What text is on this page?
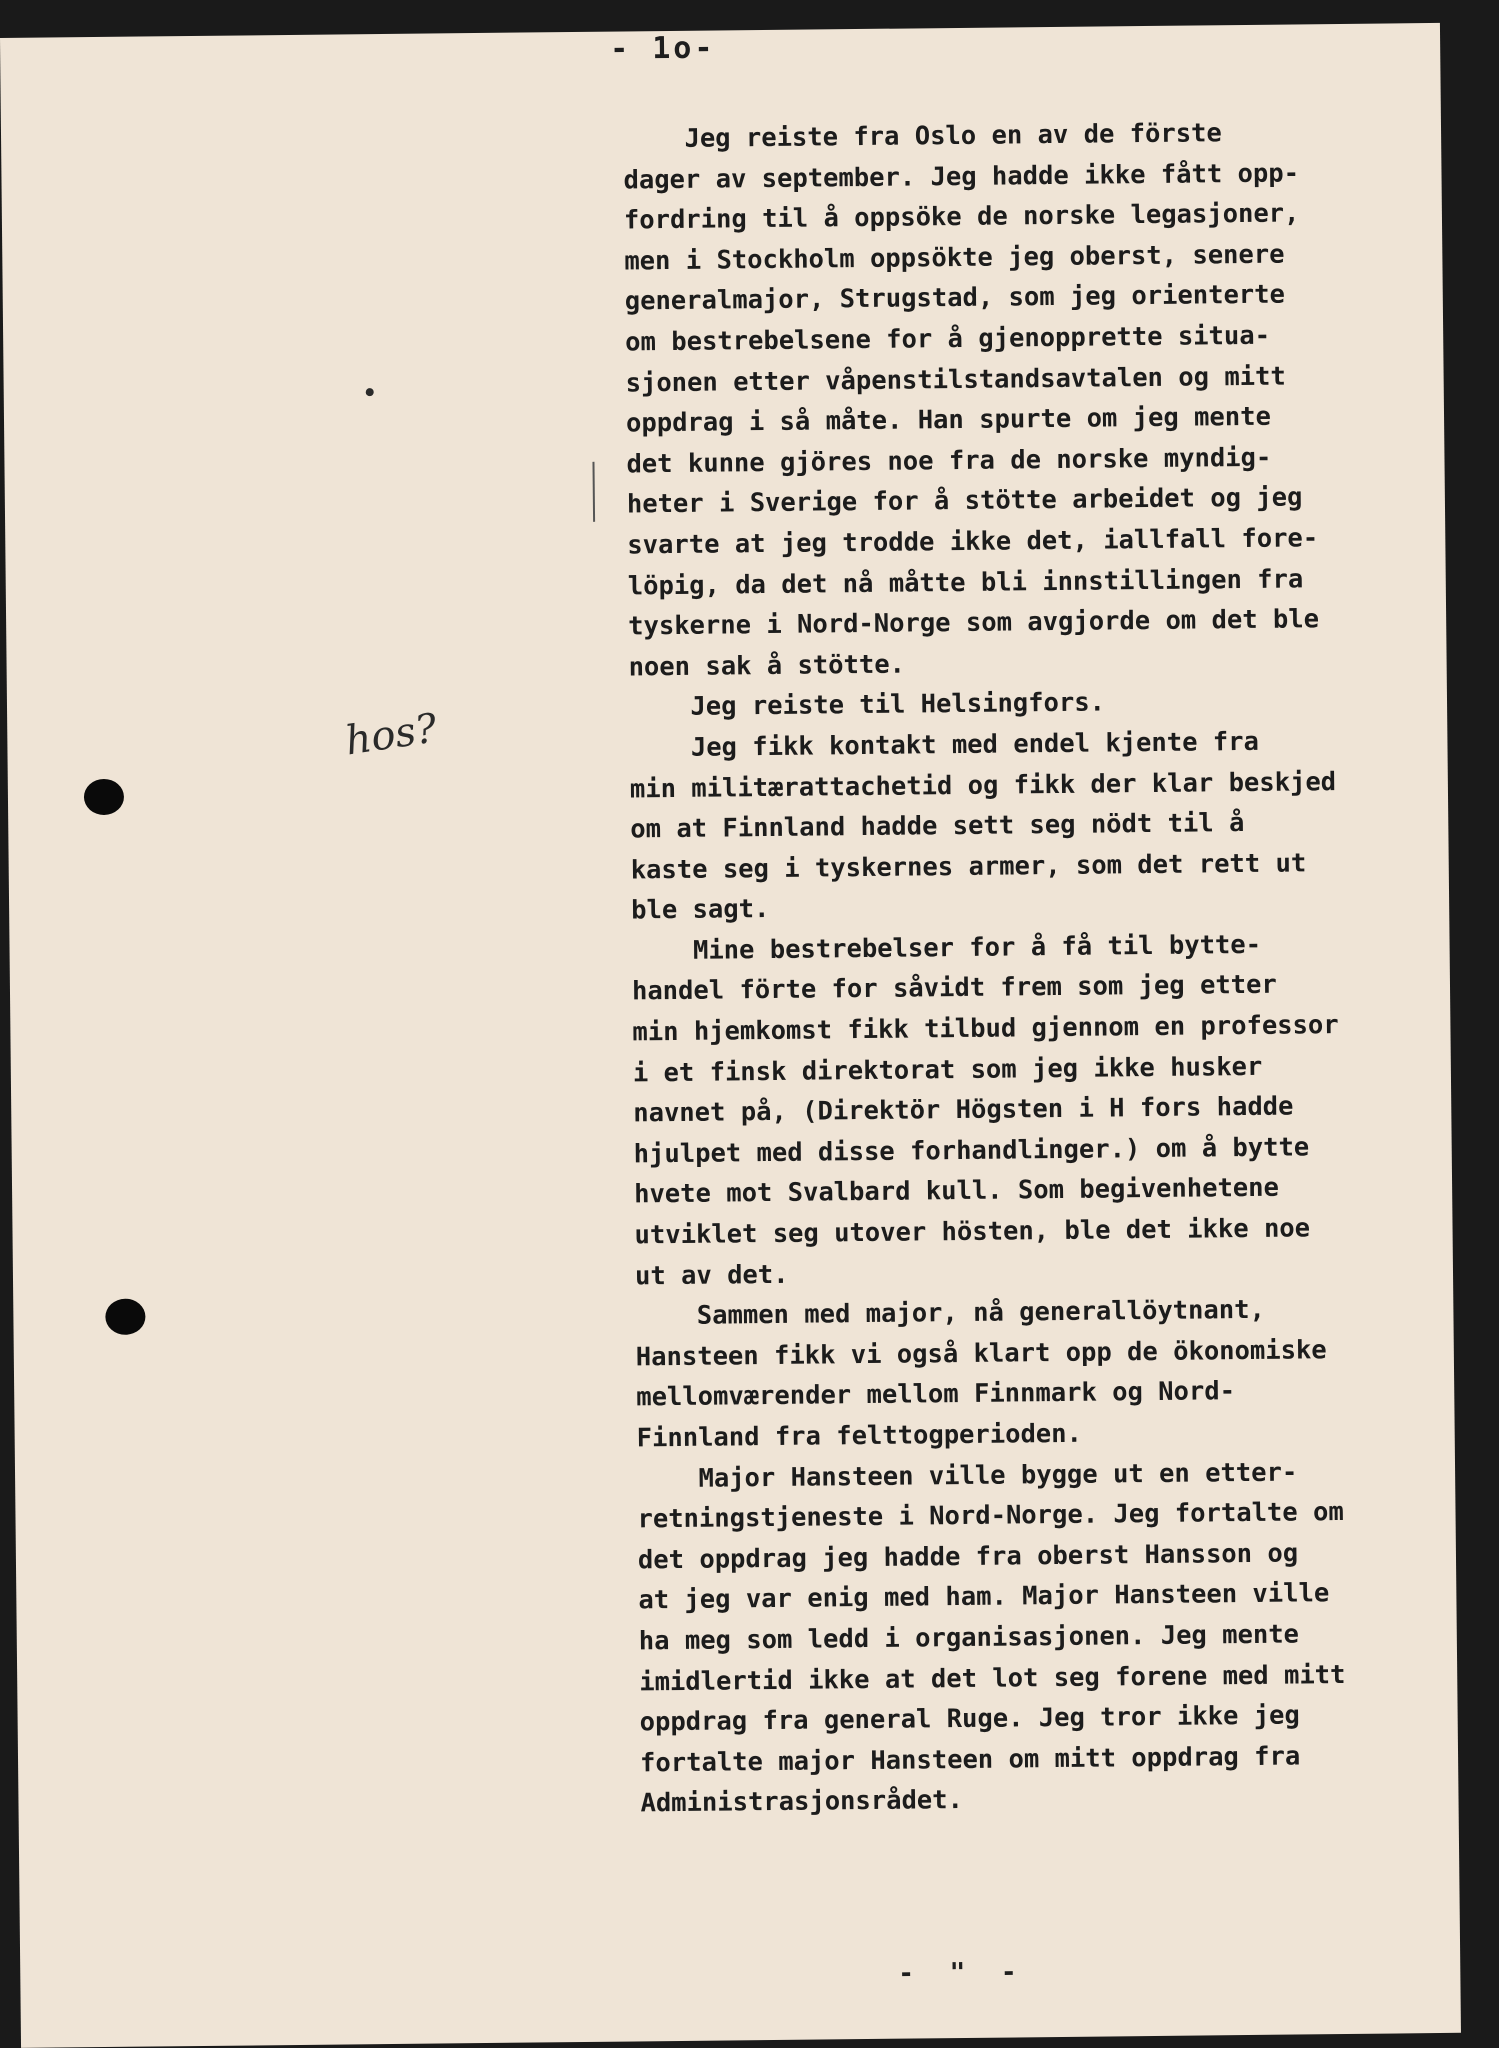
- 1o-
hos?
Jeg reiste fra Oslo en av de förste
dager av september. Jeg hadde ikke fått opp-
fordring til å oppsöke de norske legasjoner,
men i Stockholm oppsökte jeg oberst, senere
generalmajor, Strugstad, som jeg orienterte
om bestrebelsene for å gjenopprette situa-
sjonen etter våpenstilstandsavtalen og mitt
oppdrag i så måte. Han spurte om jeg mente
det kunne gjöres noe fra de norske myndig-
heter i Sverige for å stötte arbeidet og jeg
svarte at jeg trodde ikke det, iallfall fore-
löpig, da det nå måtte bli innstillingen fra
tyskerne i Nord-Norge som avgjorde om det ble
noen sak å stötte.
Jeg reiste til Helsingfors.
Jeg fikk kontakt med endel kjente fra
min militærattachetid og fikk der klar beskjed
om at Finnland hadde sett seg nödt til å
kaste seg i tyskernes armer, som det rett ut
ble sagt.
Mine bestrebelser for å få til bytte-
handel förte for såvidt frem som jeg etter
min hjemkomst fikk tilbud gjennom en professor
i et finsk direktorat som jeg ikke husker
navnet på, (Direktör Högsten i H fors hadde
hjulpet med disse forhandlinger.) om å bytte
hvete mot Svalbard kull. Som begivenhetene
utviklet seg utover hösten, ble det ikke noe
ut av det.
Sammen med major, nå generallöytnant,
Hansteen fikk vi også klart opp de ökonomiske
mellomværender mellom Finnmark og Nord-
Finnland fra felttogperioden.
Major Hansteen ville bygge ut en etter-
retningstjeneste i Nord-Norge. Jeg fortalte om
det oppdrag jeg hadde fra oberst Hansson og
at jeg var enig med ham. Major Hansteen ville
ha meg som ledd i organisasjonen. Jeg mente
imidlertid ikke at det lot seg forene med mitt
oppdrag fra general Ruge. Jeg tror ikke jeg
fortalte major Hansteen om mitt oppdrag fra
Administrasjonsrådet.
- " -
